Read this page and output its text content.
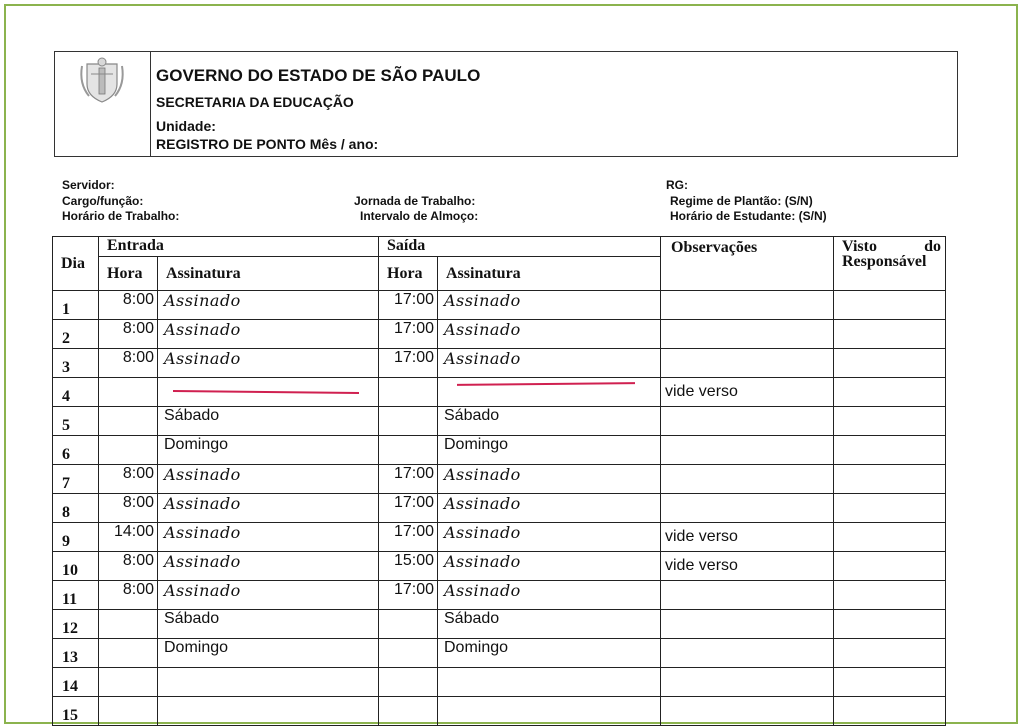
GOVERNO DO ESTADO DE SÃO PAULO
SECRETARIA DA EDUCAÇÃO
Unidade:
REGISTRO DE PONTO Mês / ano:
Servidor:
Cargo/função:
Horário de Trabalho:
Jornada de Trabalho:
Intervalo de Almoço:
RG:
Regime de Plantão: (S/N)
Horário de Estudante: (S/N)
Dia	Entrada		Saída		Observações	Visto do Responsável
	Hora	Assinatura	Hora	Assinatura		
1	8:00	Assinado	17:00	Assinado		
2	8:00	Assinado	17:00	Assinado		
3	8:00	Assinado	17:00	Assinado		
4					vide verso	
5		Sábado		Sábado		
6		Domingo		Domingo		
7	8:00	Assinado	17:00	Assinado		
8	8:00	Assinado	17:00	Assinado		
9	14:00	Assinado	17:00	Assinado	vide verso	
10	8:00	Assinado	15:00	Assinado	vide verso	
11	8:00	Assinado	17:00	Assinado		
12		Sábado		Sábado		
13		Domingo		Domingo		
14						
15						
